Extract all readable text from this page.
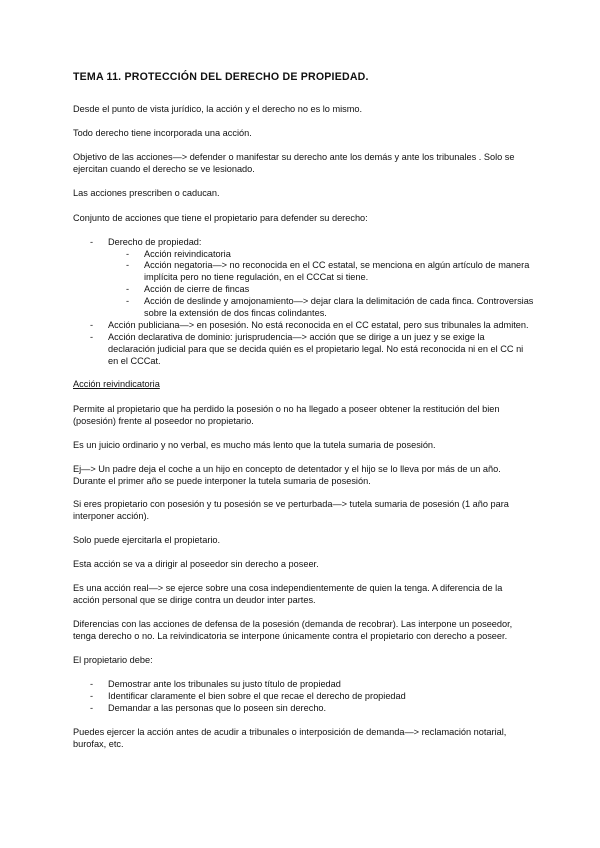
TEMA 11. PROTECCIÓN DEL DERECHO DE PROPIEDAD.

Desde el punto de vista jurídico, la acción y el derecho no es lo mismo.

Todo derecho tiene incorporada una acción.

Objetivo de las acciones—> defender o manifestar su derecho ante los demás y ante los tribunales . Solo se ejercitan cuando el derecho se ve lesionado.

Las acciones prescriben o caducan.

Conjunto de acciones que tiene el propietario para defender su derecho:

- Derecho de propiedad:
- Acción reivindicatoria
- Acción negatoria—> no reconocida en el CC estatal, se menciona en algún artículo de manera implícita pero no tiene regulación, en el CCCat si tiene.
- Acción de cierre de fincas
- Acción de deslinde y amojonamiento—> dejar clara la delimitación de cada finca. Controversias sobre la extensión de dos fincas colindantes.
- Acción publiciana—> en posesión. No está reconocida en el CC estatal, pero sus tribunales la admiten.
- Acción declarativa de dominio: jurisprudencia—> acción que se dirige a un juez y se exige la declaración judicial para que se decida quién es el propietario legal. No está reconocida ni en el CC ni en el CCCat.

Acción reivindicatoria

Permite al propietario que ha perdido la posesión o no ha llegado a poseer obtener la restitución del bien (posesión) frente al poseedor no propietario.

Es un juicio ordinario y no verbal, es mucho más lento que la tutela sumaria de posesión.

Ej—> Un padre deja el coche a un hijo en concepto de detentador y el hijo se lo lleva por más de un año. Durante el primer año se puede interponer la tutela sumaria de posesión.

Si eres propietario con posesión y tu posesión se ve perturbada—> tutela sumaria de posesión (1 año para interponer acción).

Solo puede ejercitarla el propietario.

Esta acción se va a dirigir al poseedor sin derecho a poseer.

Es una acción real—> se ejerce sobre una cosa independientemente de quien la tenga. A diferencia de la acción personal que se dirige contra un deudor inter partes.

Diferencias con las acciones de defensa de la posesión (demanda de recobrar). Las interpone un poseedor, tenga derecho o no. La reivindicatoria se interpone únicamente contra el propietario con derecho a poseer.

El propietario debe:

- Demostrar ante los tribunales su justo título de propiedad
- Identificar claramente el bien sobre el que recae el derecho de propiedad
- Demandar a las personas que lo poseen sin derecho.

Puedes ejercer la acción antes de acudir a tribunales o interposición de demanda—> reclamación notarial, burofax, etc.
